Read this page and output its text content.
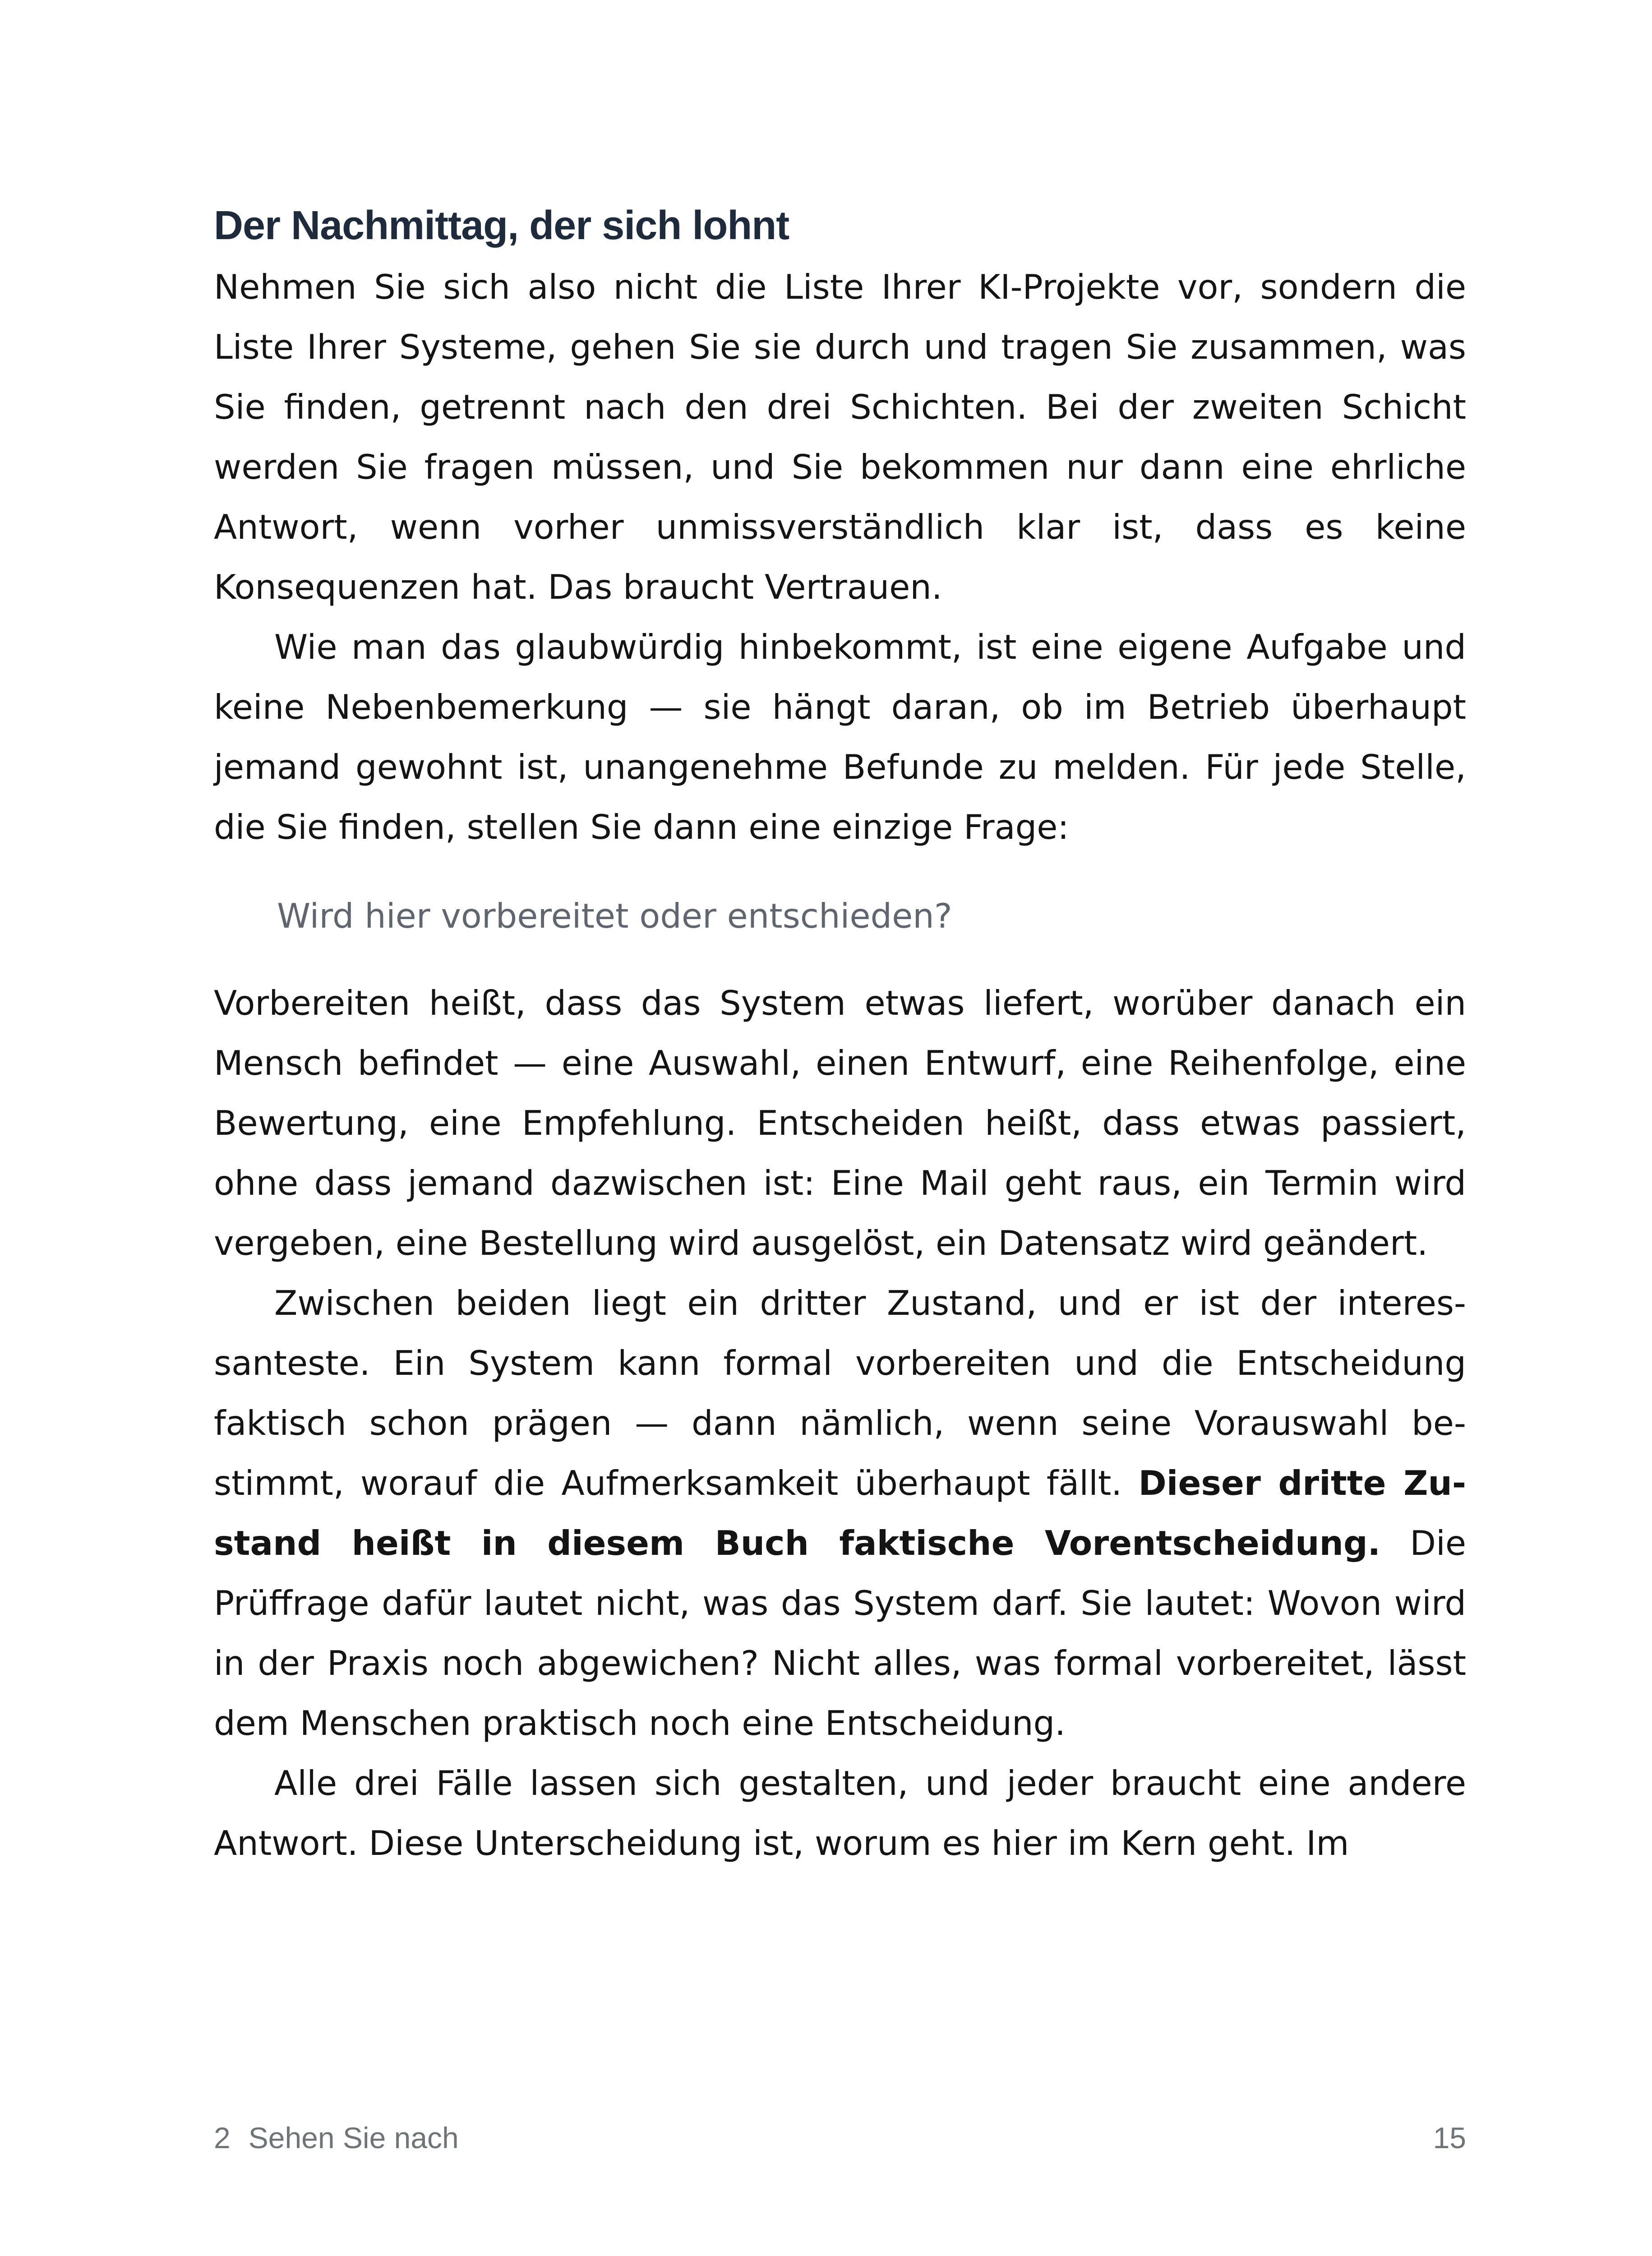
Der Nachmittag, der sich lohnt

Nehmen Sie sich also nicht die Liste Ihrer KI-Projekte vor, sondern die Liste Ihrer Systeme, gehen Sie sie durch und tragen Sie zusammen, was Sie finden, getrennt nach den drei Schichten. Bei der zweiten Schicht werden Sie fragen müssen, und Sie bekommen nur dann eine ehrliche Antwort, wenn vorher unmissverständlich klar ist, dass es keine Konsequenzen hat. Das braucht Vertrauen.

Wie man das glaubwürdig hinbekommt, ist eine eigene Aufgabe und keine Nebenbemerkung — sie hängt daran, ob im Betrieb überhaupt jemand gewohnt ist, unangenehme Befunde zu melden. Für jede Stelle, die Sie finden, stellen Sie dann eine einzige Frage:

Wird hier vorbereitet oder entschieden?

Vorbereiten heißt, dass das System etwas liefert, worüber danach ein Mensch befindet — eine Auswahl, einen Entwurf, eine Reihenfolge, eine Bewertung, eine Empfehlung. Entscheiden heißt, dass etwas passiert, ohne dass jemand dazwischen ist: Eine Mail geht raus, ein Termin wird vergeben, eine Bestellung wird ausgelöst, ein Datensatz wird geändert.

Zwischen beiden liegt ein dritter Zustand, und er ist der interessanteste. Ein System kann formal vorbereiten und die Entscheidung faktisch schon prägen — dann nämlich, wenn seine Vorauswahl bestimmt, worauf die Aufmerksamkeit überhaupt fällt. Dieser dritte Zustand heißt in diesem Buch faktische Vorentscheidung. Die Prüffrage dafür lautet nicht, was das System darf. Sie lautet: Wovon wird in der Praxis noch abgewichen? Nicht alles, was formal vorbereitet, lässt dem Menschen praktisch noch eine Entscheidung.

Alle drei Fälle lassen sich gestalten, und jeder braucht eine andere Antwort. Diese Unterscheidung ist, worum es hier im Kern geht. Im

2 Sehen Sie nach	15
